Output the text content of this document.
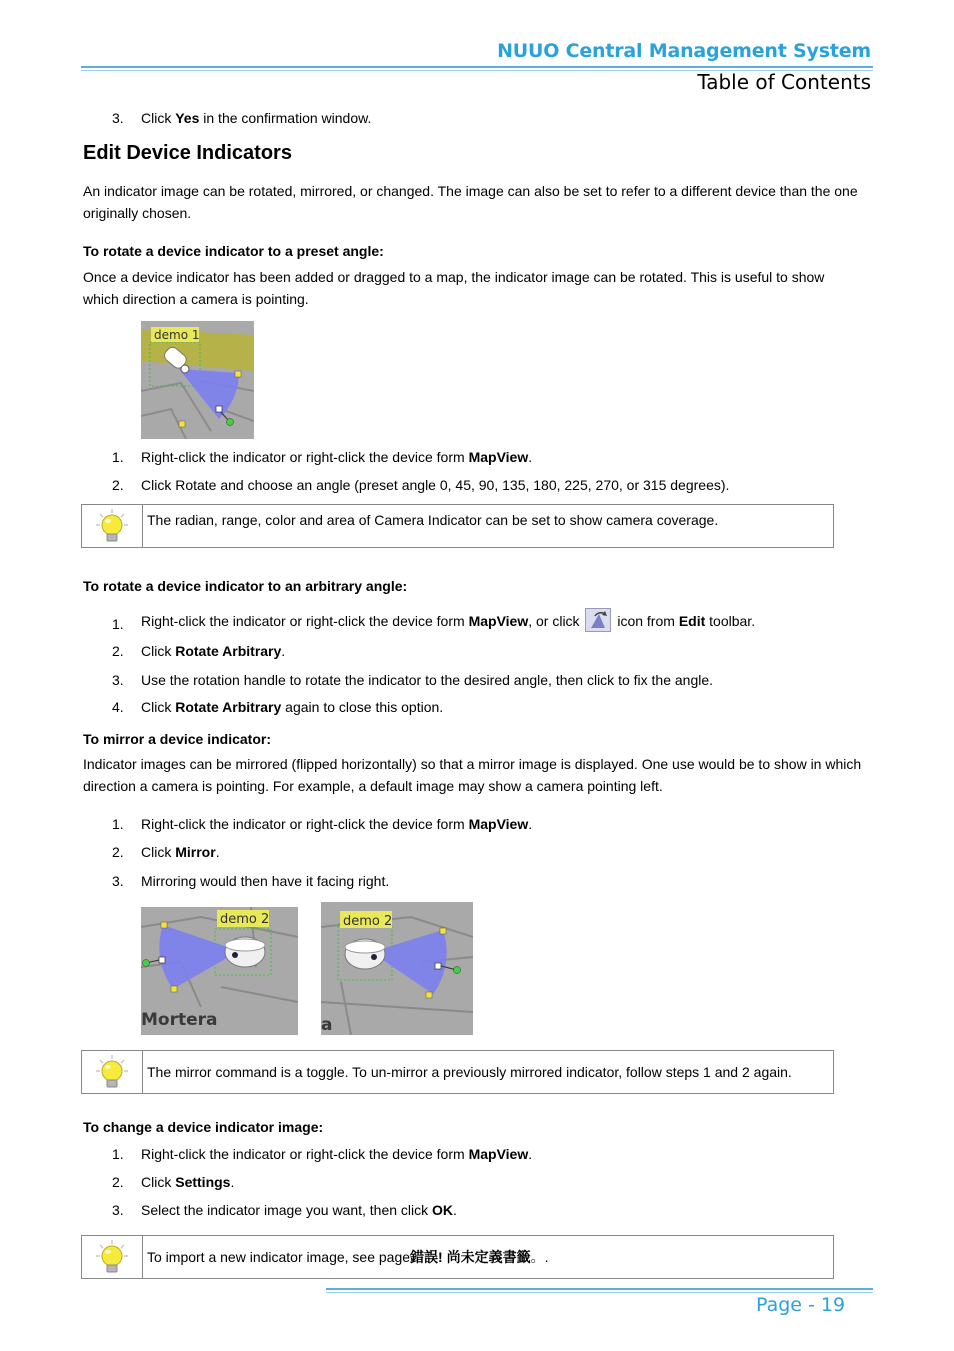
NUUO Central Management System
Table of Contents
3. Click Yes in the confirmation window.
Edit Device Indicators
An indicator image can be rotated, mirrored, or changed. The image can also be set to refer to a different device than the one originally chosen.
To rotate a device indicator to a preset angle:
Once a device indicator has been added or dragged to a map, the indicator image can be rotated. This is useful to show which direction a camera is pointing.
demo 1
1. Right-click the indicator or right-click the device form MapView.
2. Click Rotate and choose an angle (preset angle 0, 45, 90, 135, 180, 225, 270, or 315 degrees).
The radian, range, color and area of Camera Indicator can be set to show camera coverage.
To rotate a device indicator to an arbitrary angle:
1. Right-click the indicator or right-click the device form MapView, or click  icon from Edit toolbar.
2. Click Rotate Arbitrary.
3. Use the rotation handle to rotate the indicator to the desired angle, then click to fix the angle.
4. Click Rotate Arbitrary again to close this option.
To mirror a device indicator:
Indicator images can be mirrored (flipped horizontally) so that a mirror image is displayed. One use would be to show in which direction a camera is pointing. For example, a default image may show a camera pointing left.
1. Right-click the indicator or right-click the device form MapView.
2. Click Mirror.
3. Mirroring would then have it facing right.
demo 2
Mortera
demo 2
a
The mirror command is a toggle. To un-mirror a previously mirrored indicator, follow steps 1 and 2 again.
To change a device indicator image:
1. Right-click the indicator or right-click the device form MapView.
2. Click Settings.
3. Select the indicator image you want, then click OK.
To import a new indicator image, see page 錯誤! 尚未定義書籤 。.
Page - 19
